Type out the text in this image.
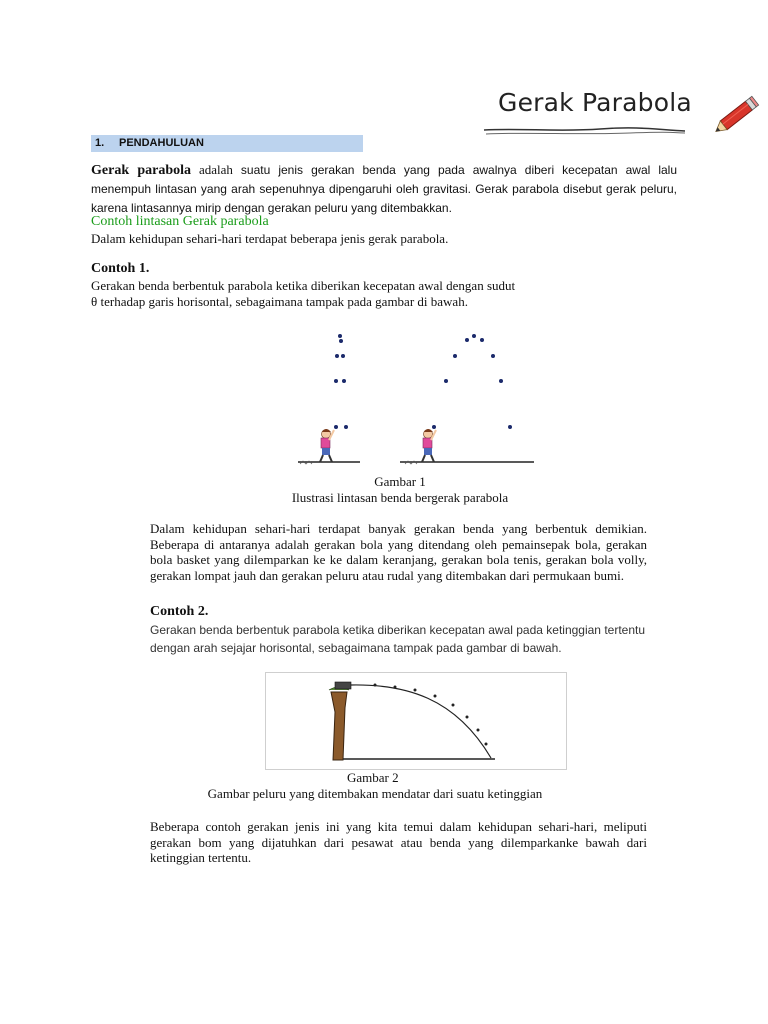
Gerak Parabola
1. PENDAHULUAN
Gerak parabola adalah suatu jenis gerakan benda yang pada awalnya diberi kecepatan awal lalu menempuh lintasan yang arah sepenuhnya dipengaruhi oleh gravitasi. Gerak parabola disebut gerak peluru, karena lintasannya mirip dengan gerakan peluru yang ditembakkan.
Contoh lintasan Gerak parabola
Dalam kehidupan sehari-hari terdapat beberapa jenis gerak parabola.
Contoh 1.
Gerakan benda berbentuk parabola ketika diberikan kecepatan awal dengan sudut
θ terhadap garis horisontal, sebagaimana tampak pada gambar di bawah.
Gambar 1
Ilustrasi lintasan benda bergerak parabola
Dalam kehidupan sehari-hari terdapat banyak gerakan benda yang berbentuk demikian. Beberapa di antaranya adalah gerakan bola yang ditendang oleh pemainsepak bola, gerakan bola basket yang dilemparkan ke ke dalam keranjang, gerakan bola tenis, gerakan bola volly, gerakan lompat jauh dan gerakan peluru atau rudal yang ditembakan dari permukaan bumi.
Contoh 2.
Gerakan benda berbentuk parabola ketika diberikan kecepatan awal pada ketinggian tertentu dengan arah sejajar horisontal, sebagaimana tampak pada gambar di bawah.
Gambar 2
Gambar peluru yang ditembakan mendatar dari suatu ketinggian
Beberapa contoh gerakan jenis ini yang kita temui dalam kehidupan sehari-hari, meliputi gerakan bom yang dijatuhkan dari pesawat atau benda yang dilemparkanke bawah dari ketinggian tertentu.
